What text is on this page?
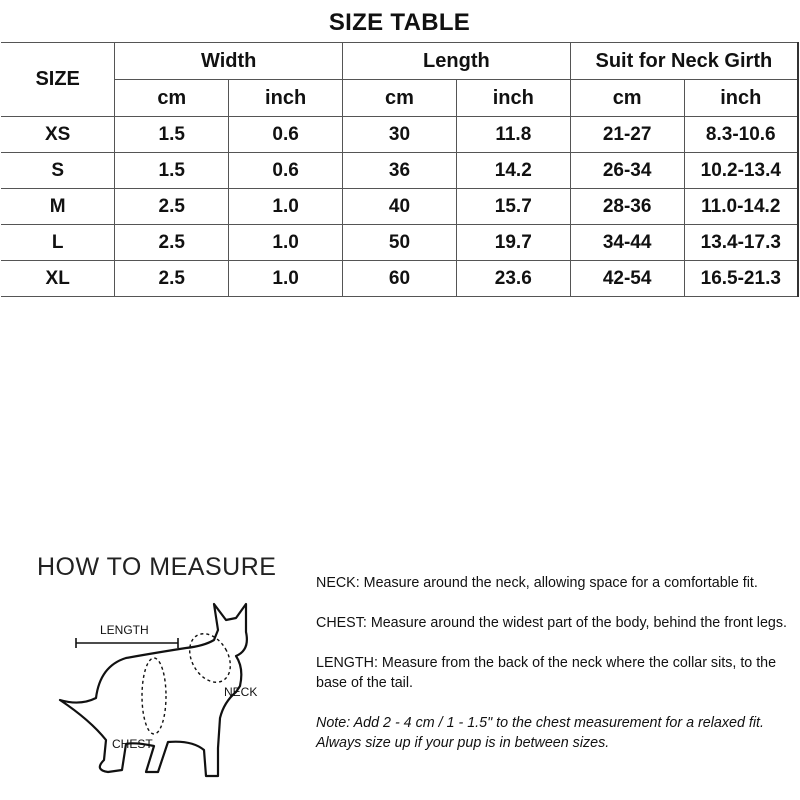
SIZE TABLE						
SIZE	Width		Length		Suit for Neck Girth	
	cm	inch	cm	inch	cm	inch
XS	1.5	0.6	30	11.8	21-27	8.3-10.6
S	1.5	0.6	36	14.2	26-34	10.2-13.4
M	2.5	1.0	40	15.7	28-36	11.0-14.2
L	2.5	1.0	50	19.7	34-44	13.4-17.3
XL	2.5	1.0	60	23.6	42-54	16.5-21.3
HOW TO MEASURE
LENGTH
NECK
CHEST

NECK: Measure around the neck, allowing space for a comfortable fit.

CHEST: Measure around the widest part of the body, behind the front legs.

LENGTH: Measure from the back of the neck where the collar sits, to the base of the tail.

Note: Add 2 - 4 cm / 1 - 1.5" to the chest measurement for a relaxed fit. Always size up if your pup is in between sizes.
